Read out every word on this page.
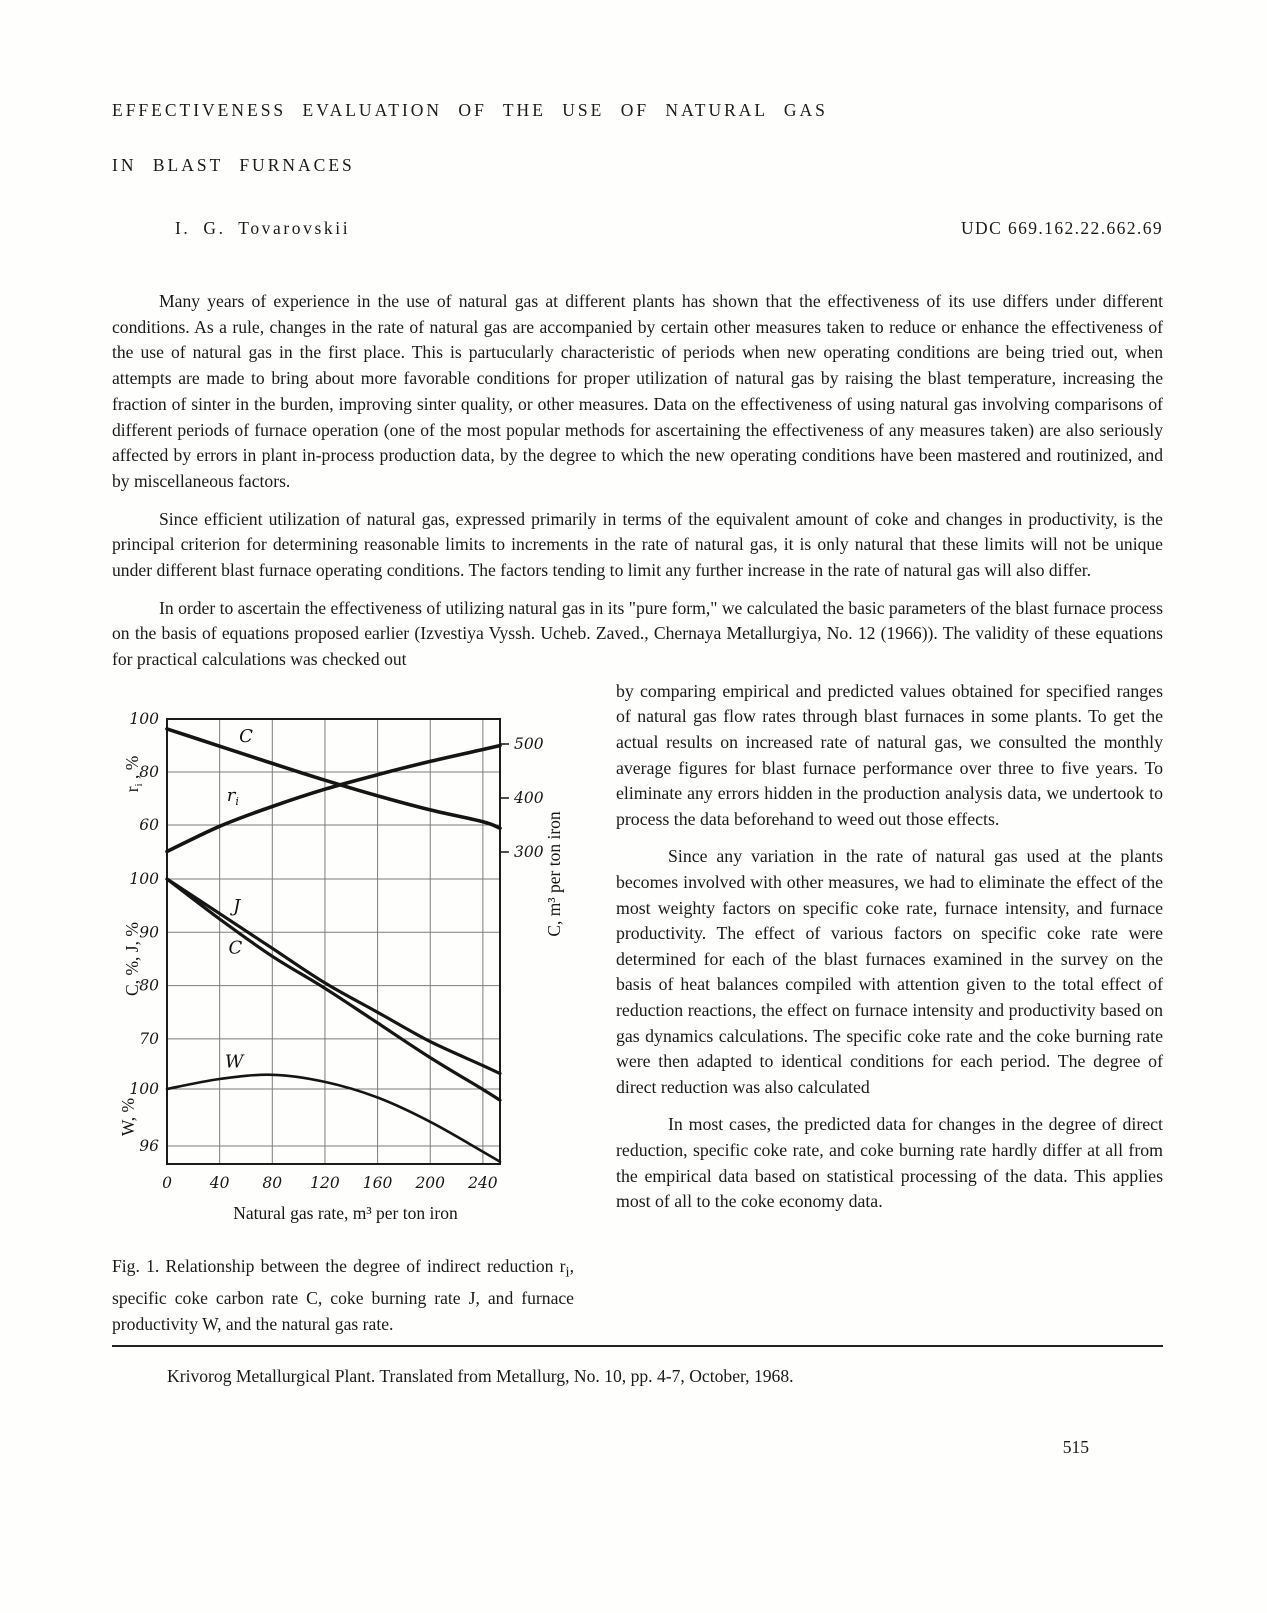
EFFECTIVENESS EVALUATION OF THE USE OF NATURAL GAS
IN BLAST FURNACES
I. G. Tovarovskii	UDC 669.162.22.662.69

Many years of experience in the use of natural gas at different plants has shown that the effectiveness of its use differs under different conditions. As a rule, changes in the rate of natural gas are accompanied by certain other measures taken to reduce or enhance the effectiveness of the use of natural gas in the first place. This is partucularly characteristic of periods when new operating conditions are being tried out, when attempts are made to bring about more favorable conditions for proper utilization of natural gas by raising the blast temperature, increasing the fraction of sinter in the burden, improving sinter quality, or other measures. Data on the effectiveness of using natural gas involving comparisons of different periods of furnace operation (one of the most popular methods for ascertaining the effectiveness of any measures taken) are also seriously affected by errors in plant in-process production data, by the degree to which the new operating conditions have been mastered and routinized, and by miscellaneous factors.

Since efficient utilization of natural gas, expressed primarily in terms of the equivalent amount of coke and changes in productivity, is the principal criterion for determining reasonable limits to increments in the rate of natural gas, it is only natural that these limits will not be unique under different blast furnace operating conditions. The factors tending to limit any further increase in the rate of natural gas will also differ.

In order to ascertain the effectiveness of utilizing natural gas in its "pure form," we calculated the basic parameters of the blast furnace process on the basis of equations proposed earlier (Izvestiya Vyssh. Ucheb. Zaved., Chernaya Metallurgiya, No. 12 (1966)). The validity of these equations for practical calculations was checked out

100
80
60
500
400
300
100
90
80
70
100
96
0 40 80 120 160 200 240
Natural gas rate, m³ per ton iron
$r_i$ , %
C, m³ per ton iron
C, %, J, %
W, %
C
$r_i$
J
C
W
Fig. 1. Relationship between the degree of indirect reduction $r_i$, specific coke carbon rate C, coke burning rate J, and furnace productivity W, and the natural gas rate.

by comparing empirical and predicted values obtained for specified ranges of natural gas flow rates through blast furnaces in some plants. To get the actual results on increased rate of natural gas, we consulted the monthly average figures for blast furnace performance over three to five years. To eliminate any errors hidden in the production analysis data, we undertook to process the data beforehand to weed out those effects.

Since any variation in the rate of natural gas used at the plants becomes involved with other measures, we had to eliminate the effect of the most weighty factors on specific coke rate, furnace intensity, and furnace productivity. The effect of various factors on specific coke rate were determined for each of the blast furnaces examined in the survey on the basis of heat balances compiled with attention given to the total effect of reduction reactions, the effect on furnace intensity and productivity based on gas dynamics calculations. The specific coke rate and the coke burning rate were then adapted to identical conditions for each period. The degree of direct reduction was also calculated

In most cases, the predicted data for changes in the degree of direct reduction, specific coke rate, and coke burning rate hardly differ at all from the empirical data based on statistical processing of the data. This applies most of all to the coke economy data.

Krivorog Metallurgical Plant. Translated from Metallurg, No. 10, pp. 4-7, October, 1968.

515
